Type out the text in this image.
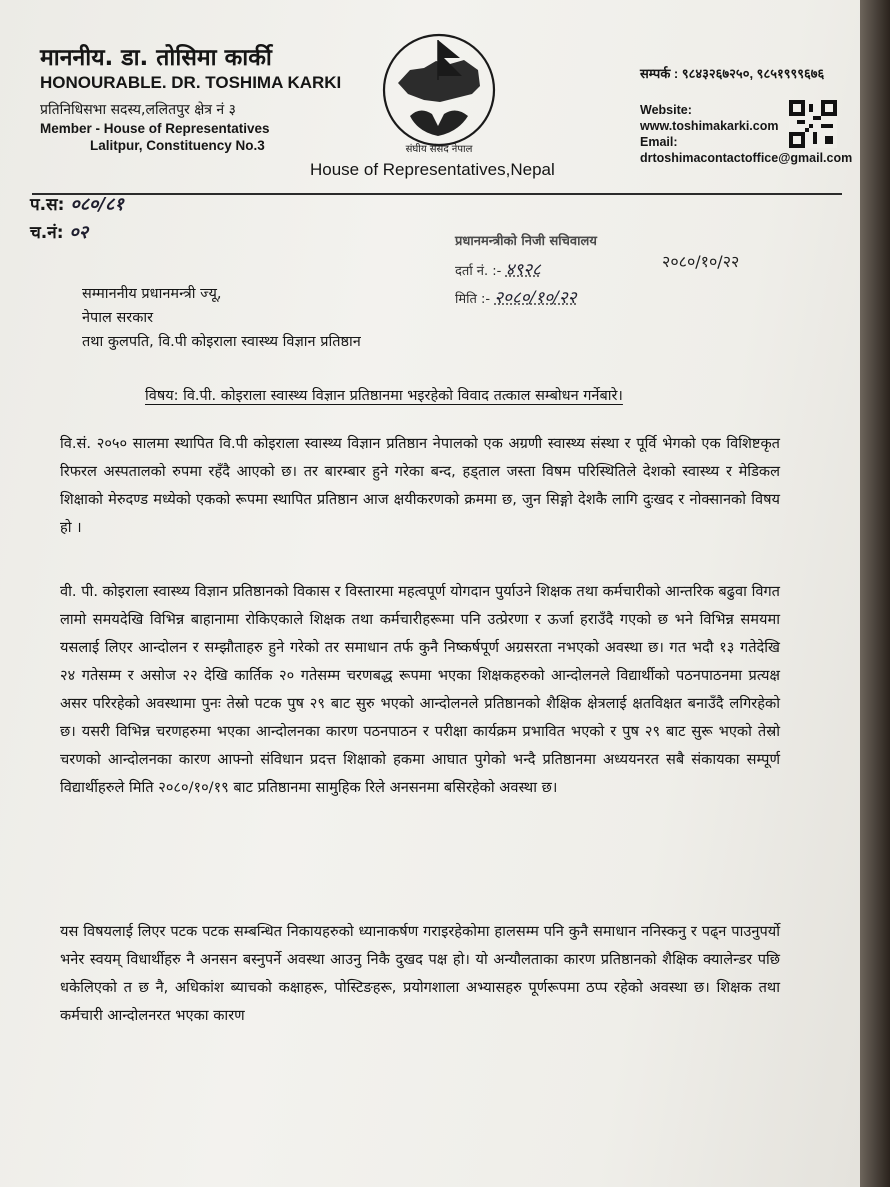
माननीय. डा. तोसिमा कार्की
HONOURABLE. DR. TOSHIMA KARKI
प्रतिनिधिसभा सदस्य,ललितपुर क्षेत्र नं ३
Member - House of Representatives
Lalitpur, Constituency No.3	संघीय संसद नेपाल
House of Representatives,Nepal
सम्पर्क : ९८४३२६७२५०, ९८५१९९९६७६
Website:
www.toshimakarki.com
Email:
drtoshimacontactoffice@gmail.com
प.स: ०८०/८१
च.नं: ०२	प्रधानमन्त्रीको निजी सचिवालय
दर्ता नं. :- ४९२८
मिति :- २०८०/१०/२२
२०८०/१०/२२
सम्माननीय प्रधानमन्त्री ज्यू,
नेपाल सरकार
तथा कुलपति, वि.पी कोइराला स्वास्थ्य विज्ञान प्रतिष्ठान
विषय: वि.पी. कोइराला स्वास्थ्य विज्ञान प्रतिष्ठानमा भइरहेको विवाद तत्काल सम्बोधन गर्नेबारे।

वि.सं. २०५० सालमा स्थापित वि.पी कोइराला स्वास्थ्य विज्ञान प्रतिष्ठान नेपालको एक अग्रणी स्वास्थ्य संस्था र पूर्वि भेगको एक विशिष्टकृत रिफरल अस्पतालको रुपमा रहँदै आएको छ। तर बारम्बार हुने गरेका बन्द, हड्ताल जस्ता विषम परिस्थितिले देशको स्वास्थ्य र मेडिकल शिक्षाको मेरुदण्ड मध्येको एकको रूपमा स्थापित प्रतिष्ठान आज क्षयीकरणको क्रममा छ, जुन सिङ्गो देशकै लागि दुःखद र नोक्सानको विषय हो ।

वी. पी. कोइराला स्वास्थ्य विज्ञान प्रतिष्ठानको विकास र विस्तारमा महत्वपूर्ण योगदान पुर्याउने शिक्षक तथा कर्मचारीको आन्तरिक बढुवा विगत लामो समयदेखि विभिन्न बाहानामा रोकिएकाले शिक्षक तथा कर्मचारीहरूमा पनि उत्प्रेरणा र ऊर्जा हराउँदै गएको छ भने विभिन्न समयमा यसलाई लिएर आन्दोलन र सम्झौताहरु हुने गरेको तर समाधान तर्फ कुनै निष्कर्षपूर्ण अग्रसरता नभएको अवस्था छ। गत भदौ १३ गतेदेखि २४ गतेसम्म र असोज २२ देखि कार्तिक २० गतेसम्म चरणबद्ध रूपमा भएका शिक्षकहरुको आन्दोलनले विद्यार्थीको पठनपाठनमा प्रत्यक्ष असर परिरहेको अवस्थामा पुनः तेस्रो पटक पुष २९ बाट सुरु भएको आन्दोलनले प्रतिष्ठानको शैक्षिक क्षेत्रलाई क्षतविक्षत बनाउँदै लगिरहेको छ। यसरी विभिन्न चरणहरुमा भएका आन्दोलनका कारण पठनपाठन र परीक्षा कार्यक्रम प्रभावित भएको र पुष २९ बाट सुरू भएको तेस्रो चरणको आन्दोलनका कारण आफ्नो संविधान प्रदत्त शिक्षाको हकमा आघात पुगेको भन्दै प्रतिष्ठानमा अध्ययनरत सबै संकायका सम्पूर्ण विद्यार्थीहरुले मिति २०८०/१०/१९ बाट प्रतिष्ठानमा सामुहिक रिले अनसनमा बसिरहेको अवस्था छ।

यस विषयलाई लिएर पटक पटक सम्बन्धित निकायहरुको ध्यानाकर्षण गराइरहेकोमा हालसम्म पनि कुनै समाधान ननिस्कनु र पढ्न पाउनुपर्यो भनेर स्वयम् विधार्थीहरु नै अनसन बस्नुपर्ने अवस्था आउनु निकै दुखद पक्ष हो। यो अन्यौलताका कारण प्रतिष्ठानको शैक्षिक क्यालेन्डर पछि धकेलिएको त छ नै, अधिकांश ब्याचको कक्षाहरू, पोस्टिङहरू, प्रयोगशाला अभ्यासहरु पूर्णरूपमा ठप्प रहेको अवस्था छ। शिक्षक तथा कर्मचारी आन्दोलनरत भएका कारण
